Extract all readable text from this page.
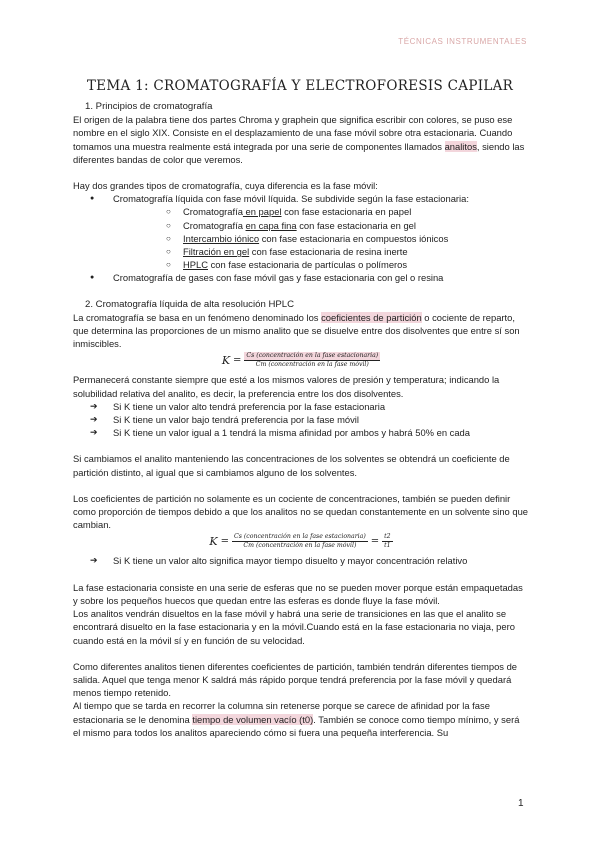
TÉCNICAS INSTRUMENTALES
TEMA 1: CROMATOGRAFÍA Y ELECTROFORESIS CAPILAR

1. Principios de cromatografía

El origen de la palabra tiene dos partes Chroma y graphein que significa escribir con colores, se puso ese nombre en el siglo XIX. Consiste en el desplazamiento de una fase móvil sobre otra estacionaria. Cuando tomamos una muestra realmente está integrada por una serie de componentes llamados analitos, siendo las diferentes bandas de color que veremos.

Hay dos grandes tipos de cromatografía, cuya diferencia es la fase móvil:

● Cromatografía líquida con fase móvil líquida. Se subdivide según la fase estacionaria:
○ Cromatografía en papel con fase estacionaria en papel
○ Cromatografía en capa fina con fase estacionaria en gel
○ Intercambio iónico con fase estacionaria en compuestos iónicos
○ Filtración en gel con fase estacionaria de resina inerte
○ HPLC con fase estacionaria de partículas o polímeros
● Cromatografía de gases con fase móvil gas y fase estacionaria con gel o resina

2. Cromatografía líquida de alta resolución HPLC

La cromatografía se basa en un fenómeno denominado los coeficientes de partición o cociente de reparto, que determina las proporciones de un mismo analito que se disuelve entre dos disolventes que entre sí son inmiscibles.

$K = \frac{\text{Cs (concentración en la fase estacionaria)}}{\text{Cm (concentración en la fase móvil)}}$

Permanecerá constante siempre que esté a los mismos valores de presión y temperatura; indicando la solubilidad relativa del analito, es decir, la preferencia entre los dos disolventes.

➔ Si K tiene un valor alto tendrá preferencia por la fase estacionaria
➔ Si K tiene un valor bajo tendrá preferencia por la fase móvil
➔ Si K tiene un valor igual a 1 tendrá la misma afinidad por ambos y habrá 50% en cada

Si cambiamos el analito manteniendo las concentraciones de los solventes se obtendrá un coeficiente de partición distinto, al igual que si cambiamos alguno de los solventes.

Los coeficientes de partición no solamente es un cociente de concentraciones, también se pueden definir como proporción de tiempos debido a que los analitos no se quedan constantemente en un solvente sino que cambian.

$K = \frac{\text{Cs (concentración en la fase estacionaria)}}{\text{Cm (concentración en la fase móvil)}} = \frac{t2}{t1}$
➔ Si K tiene un valor alto significa mayor tiempo disuelto y mayor concentración relativo

La fase estacionaria consiste en una serie de esferas que no se pueden mover porque están empaquetadas y sobre los pequeños huecos que quedan entre las esferas es donde fluye la fase móvil.

Los analitos vendrán disueltos en la fase móvil y habrá una serie de transiciones en las que el analito se encontrará disuelto en la fase estacionaria y en la móvil.Cuando está en la fase estacionaria no viaja, pero cuando está en la móvil sí y en función de su velocidad.

Como diferentes analitos tienen diferentes coeficientes de partición, también tendrán diferentes tiempos de salida. Aquel que tenga menor K saldrá más rápido porque tendrá preferencia por la fase móvil y quedará menos tiempo retenido.

Al tiempo que se tarda en recorrer la columna sin retenerse porque se carece de afinidad por la fase estacionaria se le denomina tiempo de volumen vacío (t0). También se conoce como tiempo mínimo, y será el mismo para todos los analitos apareciendo cómo si fuera una pequeña interferencia. Su

1
